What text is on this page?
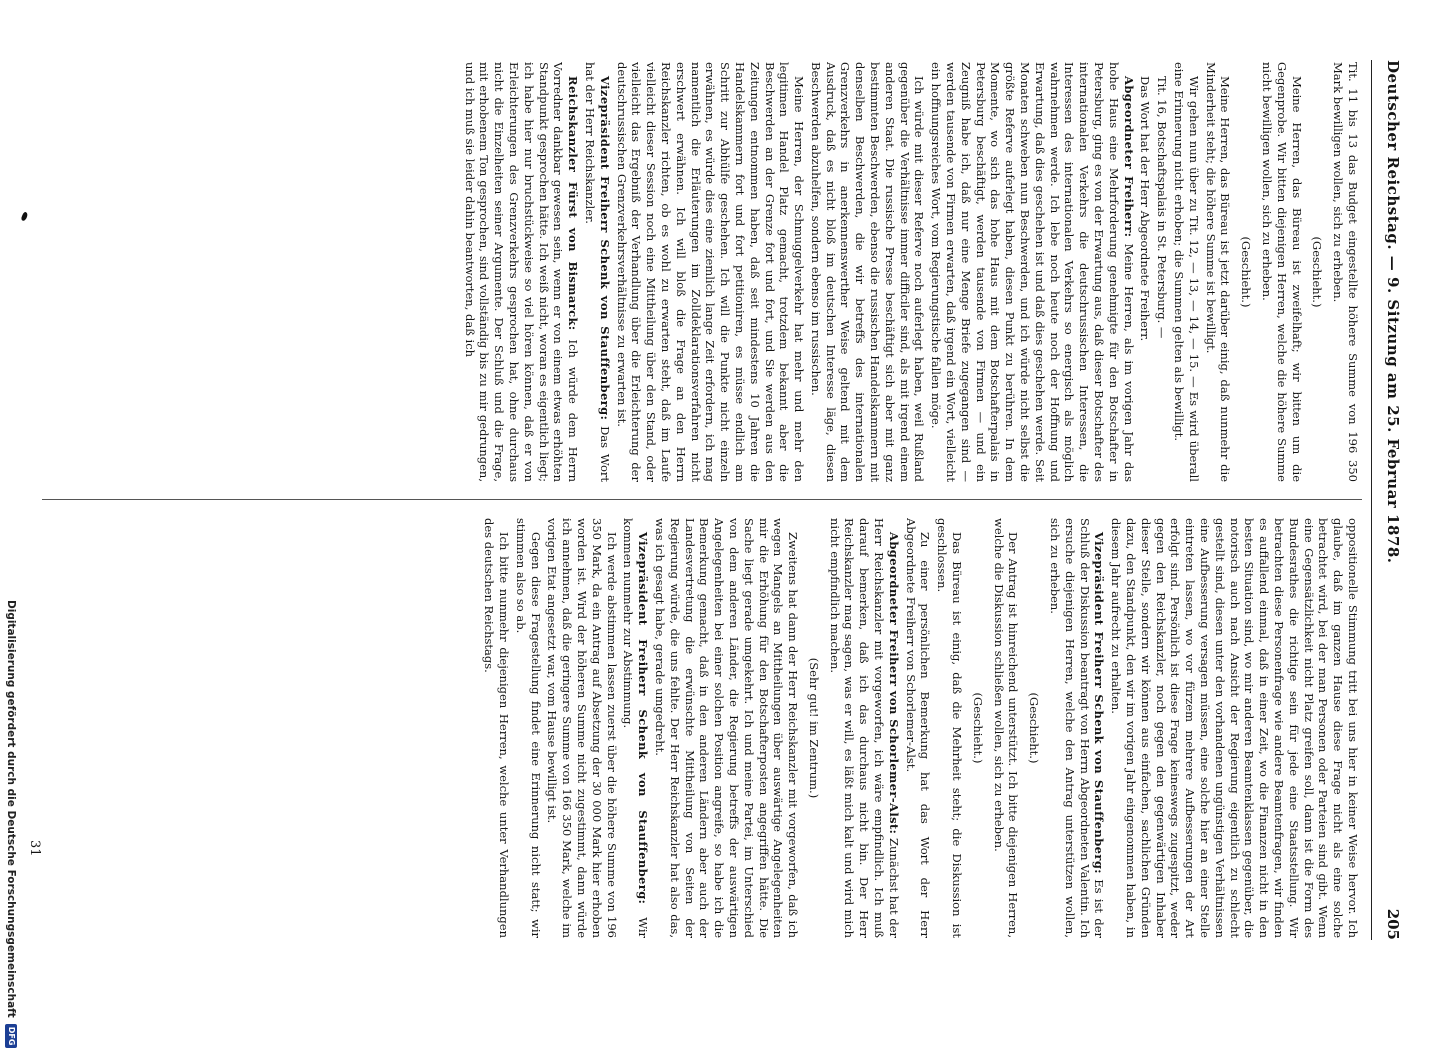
Digitalisierung gefördert durch die Deutsche Forschungsgemeinschaft
DFG
Deutscher Reichstag. — 9. Sitzung am 25. Februar 1878.
205

Tit. 11 bis 13 das Budget eingestellte höhere Summe von 196 350 Mark bewilligen wollen, sich zu erheben.

(Geschieht.)

Meine Herren, das Büreau ist zweifelhaft; wir bitten um die Gegenprobe. Wir bitten diejenigen Herren, welche die höhere Summe nicht bewilligen wollen, sich zu erheben.

(Geschieht.)

Meine Herren, das Büreau ist jetzt darüber einig, daß nunmehr die Minderheit steht; die höhere Summe ist bewilligt.

Wir gehen nun über zu Tit. 12, — 13, — 14, — 15. — Es wird überall eine Erinnerung nicht erhoben; die Summen gelten als bewilligt.

Tit. 16, Botschaftspalais in St. Petersburg. —

Das Wort hat der Herr Abgeordnete Freiherr.

Abgeordneter Freiherr: Meine Herren, als im vorigen Jahr das hohe Haus eine Mehrforderung genehmigte für den Botschafter in Petersburg, ging es von der Erwartung aus, daß dieser Botschafter des internationalen Verkehrs die deutschrussischen Interessen, die Interessen des internationalen Verkehrs so energisch als möglich wahrnehmen werde. Ich lebe noch heute noch der Hoffnung und Erwartung, daß dies geschehen ist und daß dies geschehen werde. Seit Monaten schweben nun Beschwerden, und ich würde nicht selbst die größte Referve auferlegt haben, diesen Punkt zu berühren. In dem Momente, wo sich das hohe Haus mit dem Botschafterpalais in Petersburg beschäftigt, werden tausende von Firmen — und ein Zeugniß habe ich, daß nur eine Menge Briefe zugegangen sind — werden tausende von Firmen erwarten, daß irgend ein Wort, vielleicht ein hoffnungsreiches Wort, vom Regierungstische fallen möge.

Ich würde mit dieser Referve noch auferlegt haben, weil Rußland gegenüber die Verhältnisse immer difficiler sind, als mit irgend einem anderen Staat. Die russische Presse beschäftigt sich aber mit ganz bestimmten Beschwerden, ebenso die russischen Handelskammern mit denselben Beschwerden, die wir betreffs des internationalen Grenzverkehrs in anerkennenswerther Weise geltend mit dem Ausdruck, daß es nicht bloß im deutschen Interesse läge, diesen Beschwerden abzuhelfen, sondern ebenso im russischen.

Meine Herren, der Schmuggelverkehr hat mehr und mehr den legitimen Handel Platz gemacht, trotzdem bekannt aber die Beschwerden an der Grenze fort und fort, und Sie werden aus den Zeitungen entnommen haben, daß seit mindestens 10 Jahren die Handelskammern fort und fort petitioniren, es müsse endlich am Schritt zur Abhülfe geschehen. Ich will die Punkte nicht einzeln erwähnen, es würde dies eine ziemlich lange Zeit erfordern, ich mag namentlich die Erläuterungen im Zolldeklarationsverfahren nicht erschwert erwähnen. Ich will bloß die Frage an den Herrn Reichskanzler richten, ob es wohl zu erwarten steht, daß im Laufe vielleicht dieser Session noch eine Mittheilung über den Stand, oder vielleicht das Ergebniß der Verhandlung über die Erleichterung der deutschrussischen Grenzverkehrsverhältnisse zu erwarten ist.

Vizepräsident Freiherr Schenk von Stauffenberg: Das Wort hat der Herr Reichskanzler.

Reichskanzler Fürst von Bismarck: Ich würde dem Herrn Vorredner dankbar gewesen sein, wenn er von einem etwas erhöhten Standpunkt gesprochen hätte. Ich weiß nicht, woran es eigentlich liegt; ich habe hier nur bruchstückweise so viel hören können, daß er von Erleichterungen des Grenzverkehrs gesprochen hat, ohne durchaus nicht die Einzelheiten seiner Argumente. Der Schluß und die Frage, mit erhobenem Ton gesprochen, sind vollständig bis zu mir gedrungen, und ich muß sie leider dahin beantworten, daß ich

oppositionelle Stimmung tritt bei uns hier in keiner Weise hervor. Ich glaube, daß im ganzen Hause diese Frage nicht als eine solche betrachtet wird, bei der man Personen oder Parteien sind gibt. Wenn eine Gegensätzlichkeit nicht Platz greifen soll, dann ist die Form des Bundesrathes die richtige sein für jede eine Staatsstellung. Wir betrachten diese Personenfrage wie andere Beamtenfragen, wir finden es auffallend einmal, daß in einer Zeit, wo die Finanzen nicht in den besten Situation sind, wo mir anderen Beamtenklassen gegenüber, die notorisch auch nach Ansicht der Regierung eigentlich zu schlecht gestellt sind, diesen unter den vorhandenen ungünstigen Verhältnissen eine Aufbesserung versagen müssen, eine solche hier an einer Stelle eintreten lassen, wo vor fürzem mehrere Aufbesserungen der Art erfolgt sind. Persönlich ist diese Frage keineswegs zugespitzt, weder gegen den Reichskanzler, noch gegen den gegenwärtigen Inhaber dieser Stelle, sondern wir können aus einfachen, sachlichen Gründen dazu, den Standpunkt, den wir im vorigen Jahr eingenommen haben, in diesem Jahr aufrecht zu erhalten.

Vizepräsident Freiherr Schenk von Stauffenberg: Es ist der Schluß der Diskussion beantragt von Herrn Abgeordneten Valentin. Ich ersuche diejenigen Herren, welche den Antrag unterstützen wollen, sich zu erheben.

(Geschieht.)

Der Antrag ist hinreichend unterstützt. Ich bitte diejenigen Herren, welche die Diskussion schließen wollen, sich zu erheben.

(Geschieht.)

Das Büreau ist einig, daß die Mehrheit steht; die Diskussion ist geschlossen.

Zu einer persönlichen Bemerkung hat das Wort der Herr Abgeordnete Freiherr von Schorlemer-Alst.

Abgeordneter Freiherr von Schorlemer-Alst: Zunächst hat der Herr Reichskanzler mit vorgeworfen, ich wäre empfindlich. Ich muß darauf bemerken, daß ich das durchaus nicht bin. Der Herr Reichskanzler mag sagen, was er will, es läßt mich kalt und wird mich nicht empfindlich machen.

(Sehr gut! im Zentrum.)

Zweitens hat dann der Herr Reichskanzler mit vorgeworfen, daß ich wegen Mangels an Mittheilungen über auswärtige Angelegenheiten mir die Erhöhung für den Botschafterposten angegriffen hätte. Die Sache liegt gerade umgekehrt. Ich und meine Partei, im Unterschied von dem anderen Länder, die Regierung betreffs der auswärtigen Angelegenheiten bei einer solchen Position angreife, so habe ich die Bemerkung gemacht, daß in den anderen Ländern aber auch der Landesvertretung die erwünschte Mittheilung von Seiten der Regierung würde, die uns fehlte. Der Herr Reichskanzler hat also das, was ich gesagt habe, gerade umgedreht.

Vizepräsident Freiherr Schenk von Stauffenberg: Wir kommen nunmehr zur Abstimmung.

Ich werde abstimmen lassen zuerst über die höhere Summe von 196 350 Mark, da ein Antrag auf Absetzung der 30 000 Mark hier erhoben worden ist. Wird der höheren Summe nicht zugestimmt, dann würde ich annehmen, daß die geringere Summe von 166 350 Mark, welche im vorigen Etat angesetzt war, vom Hause bewilligt ist.

Gegen diese Fragestellung findet eine Erinnerung nicht statt; wir stimmen also so ab.

Ich bitte nunmehr diejenigen Herren, welche unter Verhandlungen des deutschen Reichstags.

31
